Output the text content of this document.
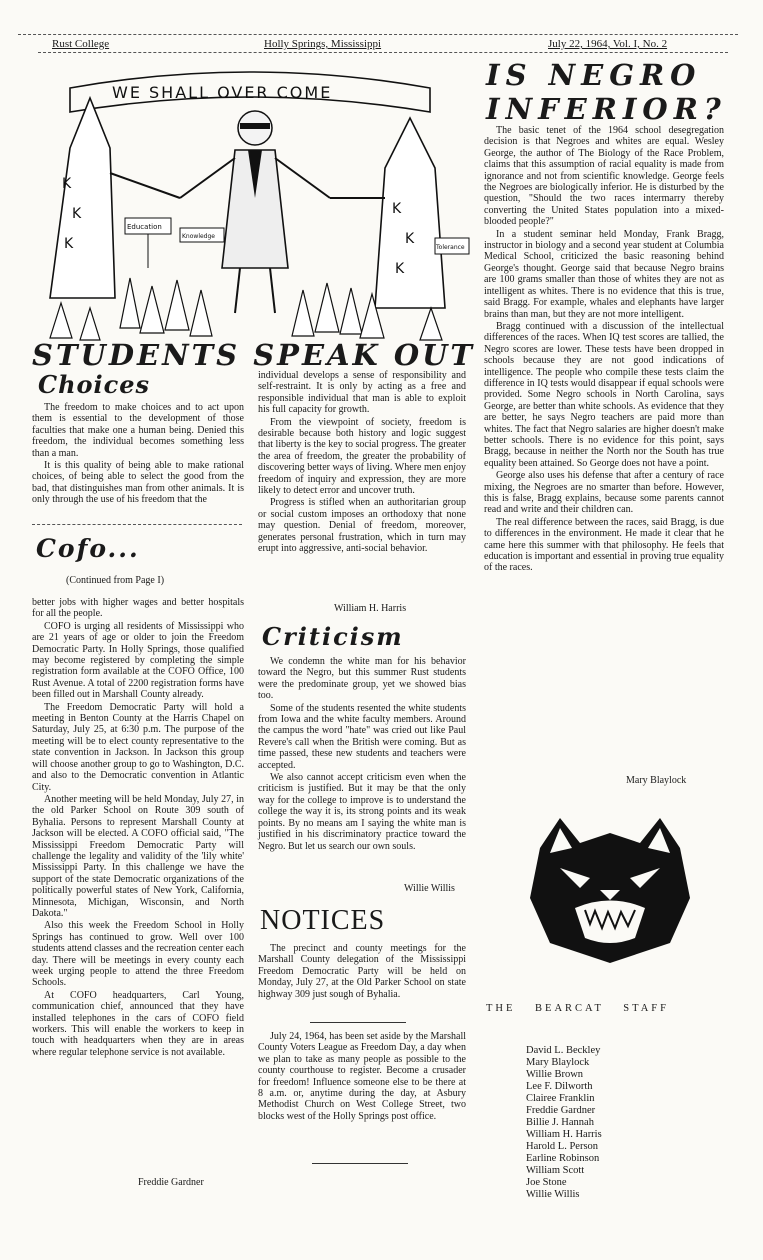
Rust College	Holly Springs, Mississippi	July 22, 1964, Vol. I, No. 2
WE SHALL OVER COME
K
K
K
K
K
K
Education
Tolerance
Knowledge
STUDENTS SPEAK OUT
Choices

The freedom to make choices and to act upon them is essential to the development of those faculties that make one a human being. Denied this freedom, the individual becomes something less than a man.

It is this quality of being able to make rational choices, of being able to select the good from the bad, that distinguishes man from other animals. It is only through the use of his freedom that the

Cofo...
(Continued from Page I)

better jobs with higher wages and better hospitals for all the people.

COFO is urging all residents of Mississippi who are 21 years of age or older to join the Freedom Democratic Party. In Holly Springs, those qualified may become registered by completing the simple registration form available at the COFO Office, 100 Rust Avenue. A total of 2200 registration forms have been filled out in Marshall County already.

The Freedom Democratic Party will hold a meeting in Benton County at the Harris Chapel on Saturday, July 25, at 6:30 p.m. The purpose of the meeting will be to elect county representative to the state convention in Jackson. In Jackson this group will choose another group to go to Washington, D.C. and also to the Democratic convention in Atlantic City.

Another meeting will be held Monday, July 27, in the old Parker School on Route 309 south of Byhalia. Persons to represent Marshall County at Jackson will be elected. A COFO official said, "The Mississippi Freedom Democratic Party will challenge the legality and validity of the 'lily white' Mississippi Party. In this challenge we have the support of the state Democratic organizations of the politically powerful states of New York, California, Minnesota, Michigan, Wisconsin, and North Dakota."

Also this week the Freedom School in Holly Springs has continued to grow. Well over 100 students attend classes and the recreation center each day. There will be meetings in every county each week urging people to attend the three Freedom Schools.

At COFO headquarters, Carl Young, communication chief, announced that they have installed telephones in the cars of COFO field workers. This will enable the workers to keep in touch with headquarters when they are in areas where regular telephone service is not available.

Freddie Gardner

individual develops a sense of responsibility and self-restraint. It is only by acting as a free and responsible individual that man is able to exploit his full capacity for growth.

From the viewpoint of society, freedom is desirable because both history and logic suggest that liberty is the key to social progress. The greater the area of freedom, the greater the probability of discovering better ways of living. Where men enjoy freedom of inquiry and expression, they are more likely to detect error and uncover truth.

Progress is stifled when an authoritarian group or social custom imposes an orthodoxy that none may question. Denial of freedom, moreover, generates personal frustration, which in turn may erupt into aggressive, anti-social behavior.

William H. Harris
Criticism

We condemn the white man for his behavior toward the Negro, but this summer Rust students were the predominate group, yet we showed bias too.

Some of the students resented the white students from Iowa and the white faculty members. Around the campus the word "hate" was cried out like Paul Revere's call when the British were coming. But as time passed, these new students and teachers were accepted.

We also cannot accept criticism even when the criticism is justified. But it may be that the only way for the college to improve is to understand the college the way it is, its strong points and its weak points. By no means am I saying the white man is justified in his discriminatory practice toward the Negro. But let us search our own souls.

Willie Willis
NOTICES

The precinct and county meetings for the Marshall County delegation of the Mississippi Freedom Democratic Party will be held on Monday, July 27, at the Old Parker School on state highway 309 just sough of Byhalia.

July 24, 1964, has been set aside by the Marshall County Voters League as Freedom Day, a day when we plan to take as many people as possible to the county courthouse to register. Become a crusader for freedom! Influence someone else to be there at 8 a.m. or, anytime during the day, at Asbury Methodist Church on West College Street, two blocks west of the Holly Springs post office.

IS NEGRO
INFERIOR?

The basic tenet of the 1964 school desegregation decision is that Negroes and whites are equal. Wesley George, the author of The Biology of the Race Problem, claims that this assumption of racial equality is made from ignorance and not from scientific knowledge. George feels the Negroes are biologically inferior. He is disturbed by the question, "Should the two races intermarry thereby converting the United States population into a mixed-blooded people?"

In a student seminar held Monday, Frank Bragg, instructor in biology and a second year student at Columbia Medical School, criticized the basic reasoning behind George's thought. George said that because Negro brains are 100 grams smaller than those of whites they are not as intelligent as whites. There is no evidence that this is true, said Bragg. For example, whales and elephants have larger brains than man, but they are not more intelligent.

Bragg continued with a discussion of the intellectual differences of the races. When IQ test scores are tallied, the Negro scores are lower. These tests have been dropped in schools because they are not good indications of intelligence. The people who compile these tests claim the difference in IQ tests would disappear if equal schools were provided. Some Negro schools in North Carolina, says George, are better than white schools. As evidence that they are better, he says Negro teachers are paid more than whites. The fact that Negro salaries are higher doesn't make better schools. There is no evidence for this point, says Bragg, because in neither the North nor the South has true equality been attained. So George does not have a point.

George also uses his defense that after a century of race mixing, the Negroes are no smarter than before. However, this is false, Bragg explains, because some parents cannot read and write and their children can.

The real difference between the races, said Bragg, is due to differences in the environment. He made it clear that he came here this summer with that philosophy. He feels that education is important and essential in proving true equality of the races.

Mary Blaylock
THE BEARCAT STAFF
David L. Beckley
Mary Blaylock
Willie Brown
Lee F. Dilworth
Clairee Franklin
Freddie Gardner
Billie J. Hannah
William H. Harris
Harold L. Person
Earline Robinson
William Scott
Joe Stone
Willie Willis
